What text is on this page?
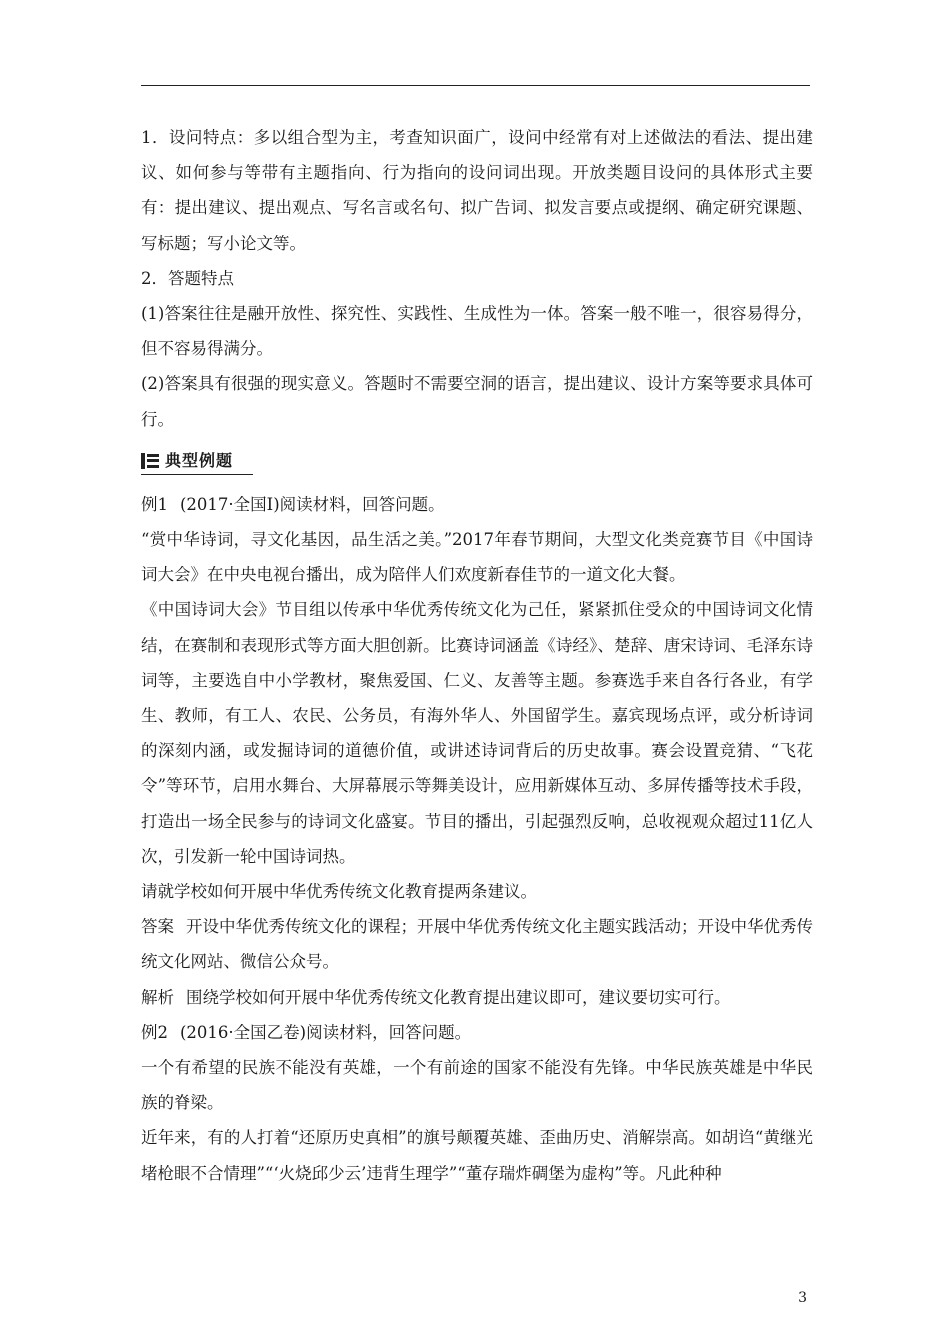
1．设问特点：多以组合型为主，考查知识面广，设问中经常有对上述做法的看法、提出建议、如何参与等带有主题指向、行为指向的设问词出现。开放类题目设问的具体形式主要有：提出建议、提出观点、写名言或名句、拟广告词、拟发言要点或提纲、确定研究课题、写标题；写小论文等。

2．答题特点

(1)答案往往是融开放性、探究性、实践性、生成性为一体。答案一般不唯一，很容易得分，但不容易得满分。

(2)答案具有很强的现实意义。答题时不需要空洞的语言，提出建议、设计方案等要求具体可行。

典型例题

例1 (2017·全国Ⅰ)阅读材料，回答问题。

“赏中华诗词，寻文化基因，品生活之美。”2017年春节期间，大型文化类竞赛节目《中国诗词大会》在中央电视台播出，成为陪伴人们欢度新春佳节的一道文化大餐。

《中国诗词大会》节目组以传承中华优秀传统文化为己任，紧紧抓住受众的中国诗词文化情结，在赛制和表现形式等方面大胆创新。比赛诗词涵盖《诗经》、楚辞、唐宋诗词、毛泽东诗词等，主要选自中小学教材，聚焦爱国、仁义、友善等主题。参赛选手来自各行各业，有学生、教师，有工人、农民、公务员，有海外华人、外国留学生。嘉宾现场点评，或分析诗词的深刻内涵，或发掘诗词的道德价值，或讲述诗词背后的历史故事。赛会设置竞猜、“飞花令”等环节，启用水舞台、大屏幕展示等舞美设计，应用新媒体互动、多屏传播等技术手段，打造出一场全民参与的诗词文化盛宴。节目的播出，引起强烈反响，总收视观众超过11亿人次，引发新一轮中国诗词热。

请就学校如何开展中华优秀传统文化教育提两条建议。

答案 开设中华优秀传统文化的课程；开展中华优秀传统文化主题实践活动；开设中华优秀传统文化网站、微信公众号。

解析 围绕学校如何开展中华优秀传统文化教育提出建议即可，建议要切实可行。

例2 (2016·全国乙卷)阅读材料，回答问题。

一个有希望的民族不能没有英雄，一个有前途的国家不能没有先锋。中华民族英雄是中华民族的脊梁。

近年来，有的人打着“还原历史真相”的旗号颠覆英雄、歪曲历史、消解崇高。如胡诌“黄继光堵枪眼不合情理”“‘火烧邱少云’违背生理学”“董存瑞炸碉堡为虚构”等。凡此种种

3
